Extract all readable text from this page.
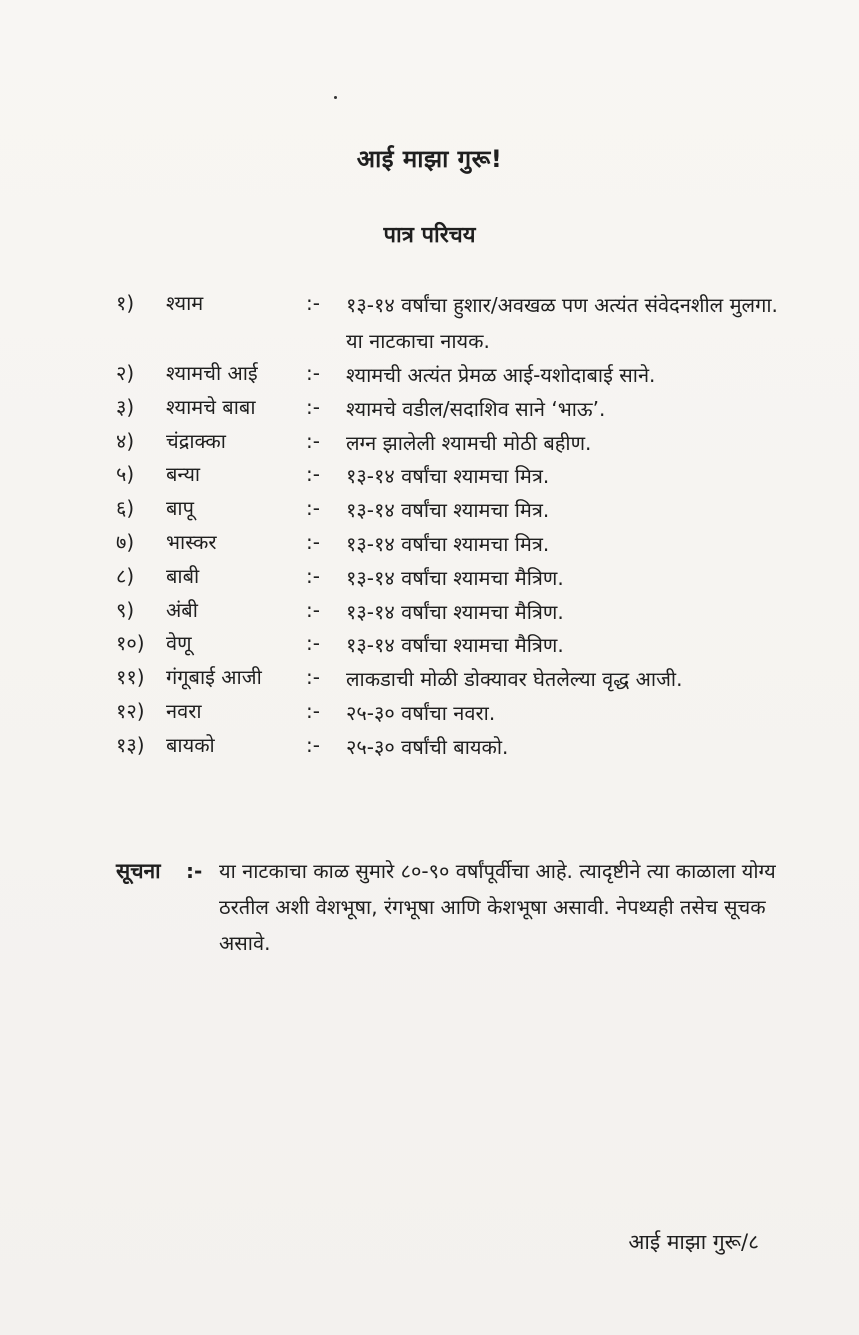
आई माझा गुरू!
पात्र परिचय
१)	श्याम	:-	१३-१४ वर्षांचा हुशार/अवखळ पण अत्यंत संवेदनशील मुलगा. या नाटकाचा नायक.
२)	श्यामची आई	:-	श्यामची अत्यंत प्रेमळ आई-यशोदाबाई साने.
३)	श्यामचे बाबा	:-	श्यामचे वडील/सदाशिव साने ‘भाऊ’.
४)	चंद्राक्का	:-	लग्न झालेली श्यामची मोठी बहीण.
५)	बन्या	:-	१३-१४ वर्षांचा श्यामचा मित्र.
६)	बापू	:-	१३-१४ वर्षांचा श्यामचा मित्र.
७)	भास्कर	:-	१३-१४ वर्षांचा श्यामचा मित्र.
८)	बाबी	:-	१३-१४ वर्षांचा श्यामचा मैत्रिण.
९)	अंबी	:-	१३-१४ वर्षांचा श्यामचा मैत्रिण.
१०)	वेणू	:-	१३-१४ वर्षांचा श्यामचा मैत्रिण.
११)	गंगूबाई आजी	:-	लाकडाची मोळी डोक्यावर घेतलेल्या वृद्ध आजी.
१२)	नवरा	:-	२५-३० वर्षांचा नवरा.
१३)	बायको	:-	२५-३० वर्षांची बायको.
सूचना	:- या नाटकाचा काळ सुमारे ८०-९० वर्षांपूर्वीचा आहे. त्यादृष्टीने त्या काळाला योग्य ठरतील अशी वेशभूषा, रंगभूषा आणि केशभूषा असावी. नेपथ्यही तसेच सूचक असावे.
आई माझा गुरू/८
